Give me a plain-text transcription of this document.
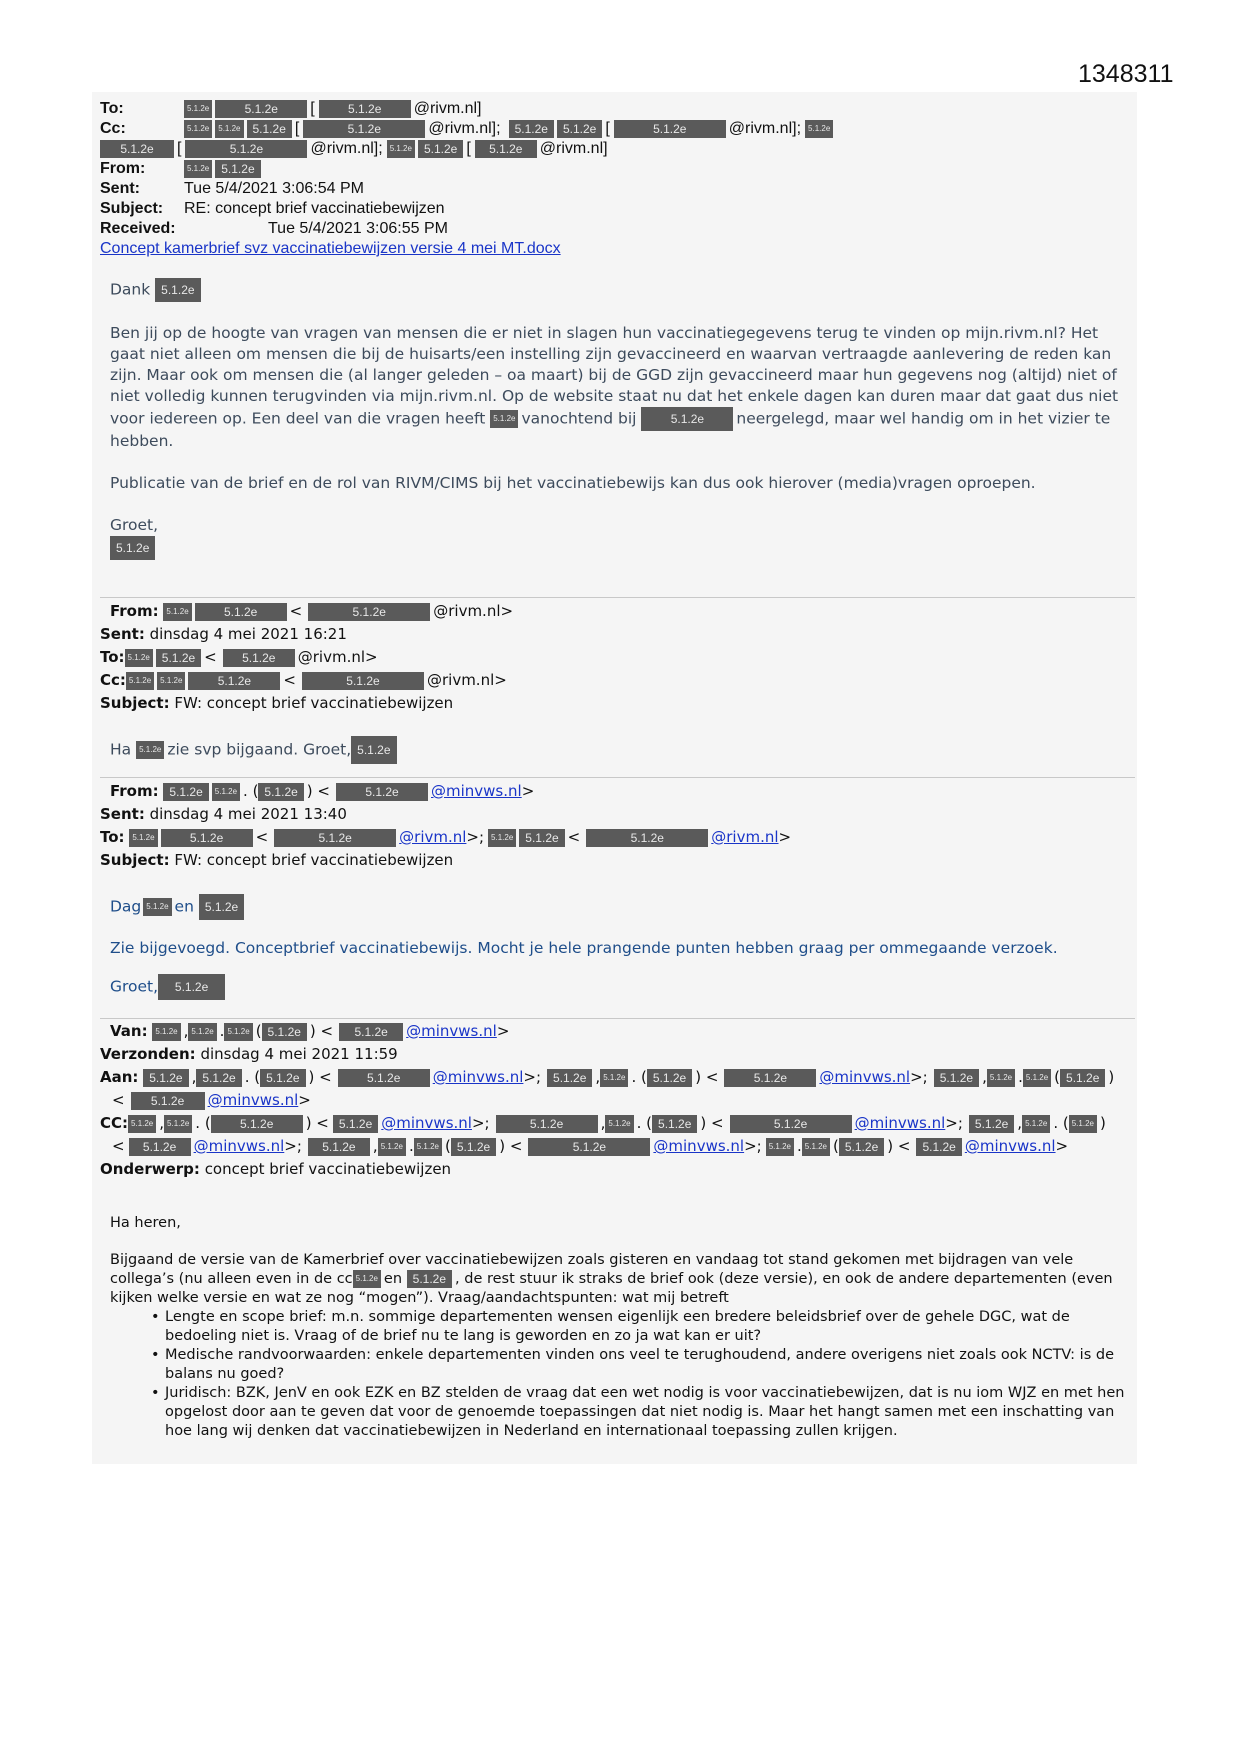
1348311
To:	5.1.2e	5.1.2e	[	5.1.2e	@rivm.nl]
Cc:	5.1.2e	5.1.2e	5.1.2e [	5.1.2e	@rivm.nl];	5.1.2e	5.1.2e [	5.1.2e	@rivm.nl]; 5.1.2e
5.1.2e	[	5.1.2e	@rivm.nl]; 5.1.2e	5.1.2e [	5.1.2e	@rivm.nl]
From:	5.1.2e	5.1.2e
Sent:	Tue 5/4/2021 3:06:54 PM
Subject:	RE: concept brief vaccinatiebewijzen
Received:	Tue 5/4/2021 3:06:55 PM
Concept kamerbrief svz vaccinatiebewijzen versie 4 mei MT.docx

Dank 5.1.2e

Ben jij op de hoogte van vragen van mensen die er niet in slagen hun vaccinatiegegevens terug te vinden op mijn.rivm.nl? Het gaat niet alleen om mensen die bij de huisarts/een instelling zijn gevaccineerd en waarvan vertraagde aanlevering de reden kan zijn. Maar ook om mensen die (al langer geleden – oa maart) bij de GGD zijn gevaccineerd maar hun gegevens nog (altijd) niet of niet volledig kunnen terugvinden via mijn.rivm.nl. Op de website staat nu dat het enkele dagen kan duren maar dat gaat dus niet voor iedereen op. Een deel van die vragen heeft 5.1.2e vanochtend bij	5.1.2e neergelegd, maar wel handig om in het vizier te hebben.

Publicatie van de brief en de rol van RIVM/CIMS bij het vaccinatiebewijs kan dus ook hierover (media)vragen oproepen.

Groet,
5.1.2e

From:
5.1.2e	5.1.2e	<	5.1.2e	@rivm.nl>
Sent:
dinsdag 4 mei 2021 16:21
To: 5.1.2e	5.1.2e <	5.1.2e	@rivm.nl>
Cc: 5.1.2e	5.1.2e	5.1.2e	<	5.1.2e	@rivm.nl>
Subject:
FW: concept brief vaccinatiebewijzen
Ha 5.1.2e zie svp bijgaand. Groet, 5.1.2e
From:
5.1.2e	5.1.2e . ( 5.1.2e ) <	5.1.2e	@minvws.nl >
Sent:
dinsdag 4 mei 2021 13:40
To:
5.1.2e	5.1.2e	<	5.1.2e	@rivm.nl >; 5.1.2e	5.1.2e <	5.1.2e	@rivm.nl >
Subject:
FW: concept brief vaccinatiebewijzen
Dag 5.1.2e en 5.1.2e
Zie bijgevoegd. Conceptbrief vaccinatiebewijs. Mocht je hele prangende punten hebben graag per ommegaande verzoek.
Groet, 5.1.2e
Van:
5.1.2e , 5.1.2e . 5.1.2e ( 5.1.2e ) <	5.1.2e	@minvws.nl >
Verzonden:
dinsdag 4 mei 2021 11:59
Aan:
5.1.2e , 5.1.2e . ( 5.1.2e ) <	5.1.2e	@minvws.nl >;	5.1.2e , 5.1.2e . ( 5.1.2e ) <	5.1.2e	@minvws.nl >;	5.1.2e , 5.1.2e . 5.1.2e ( 5.1.2e )
<	5.1.2e	@minvws.nl >
CC: 5.1.2e , 5.1.2e . (	5.1.2e	) < 5.1.2e @minvws.nl >;	5.1.2e	, 5.1.2e . ( 5.1.2e ) <	5.1.2e	@minvws.nl >;	5.1.2e , 5.1.2e . ( 5.1.2e )
<	5.1.2e	@minvws.nl >;	5.1.2e	, 5.1.2e . 5.1.2e ( 5.1.2e ) <	5.1.2e	@minvws.nl >; 5.1.2e . 5.1.2e ( 5.1.2e ) <	5.1.2e @minvws.nl >
Onderwerp:
concept brief vaccinatiebewijzen
Ha heren,
Bijgaand de versie van de Kamerbrief over vaccinatiebewijzen zoals gisteren en vandaag tot stand gekomen met bijdragen van vele collega’s (nu alleen even in de cc 5.1.2e en 5.1.2e , de rest stuur ik straks de brief ook (deze versie), en ook de andere departementen (even kijken welke versie en wat ze nog “mogen”). Vraag/aandachtspunten: wat mij betreft
• Lengte en scope brief: m.n. sommige departementen wensen eigenlijk een bredere beleidsbrief over de gehele DGC, wat de bedoeling niet is. Vraag of de brief nu te lang is geworden en zo ja wat kan er uit?
• Medische randvoorwaarden: enkele departementen vinden ons veel te terughoudend, andere overigens niet zoals ook NCTV: is de balans nu goed?
• Juridisch: BZK, JenV en ook EZK en BZ stelden de vraag dat een wet nodig is voor vaccinatiebewijzen, dat is nu iom WJZ en met hen opgelost door aan te geven dat voor de genoemde toepassingen dat niet nodig is. Maar het hangt samen met een inschatting van hoe lang wij denken dat vaccinatiebewijzen in Nederland en internationaal toepassing zullen krijgen.
